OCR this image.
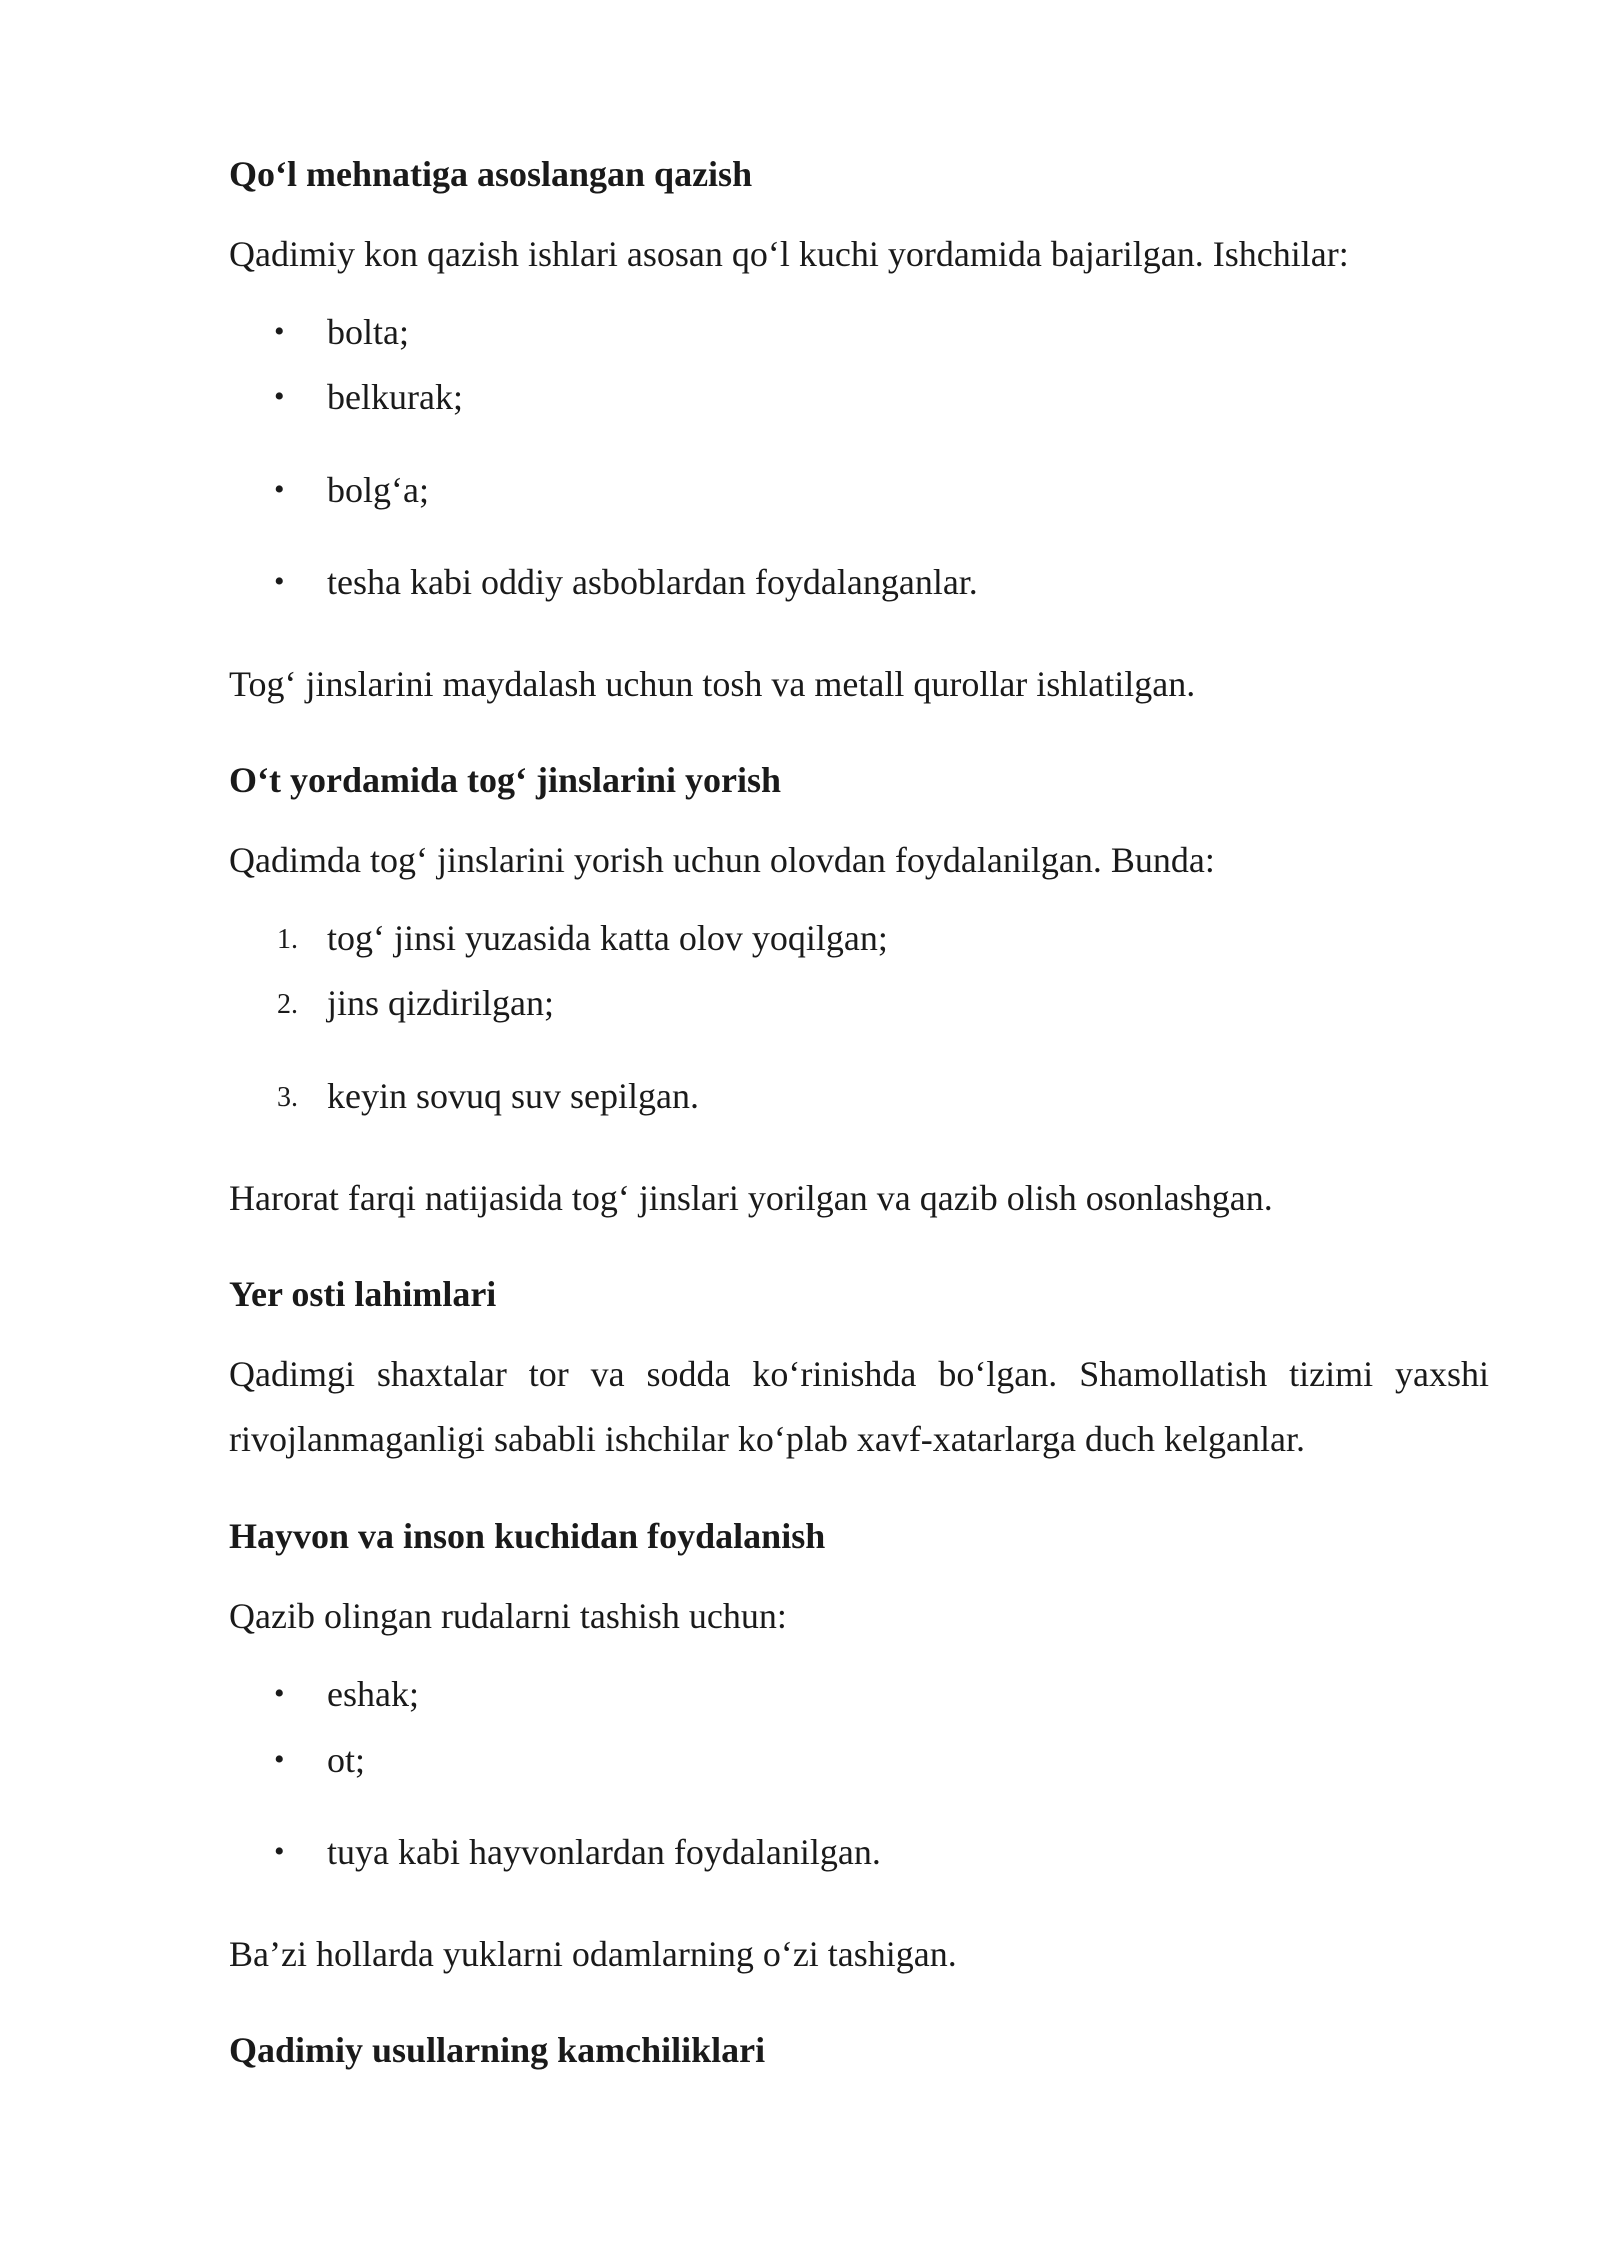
Qo‘l mehnatiga asoslangan qazish

Qadimiy kon qazish ishlari asosan qo‘l kuchi yordamida bajarilgan. Ishchilar:

• bolta;
• belkurak;
• bolg‘a;
• tesha kabi oddiy asboblardan foydalanganlar.

Tog‘ jinslarini maydalash uchun tosh va metall qurollar ishlatilgan.

O‘t yordamida tog‘ jinslarini yorish

Qadimda tog‘ jinslarini yorish uchun olovdan foydalanilgan. Bunda:

1. tog‘ jinsi yuzasida katta olov yoqilgan;
2. jins qizdirilgan;
3. keyin sovuq suv sepilgan.

Harorat farqi natijasida tog‘ jinslari yorilgan va qazib olish osonlashgan.

Yer osti lahimlari

Qadimgi shaxtalar tor va sodda ko‘rinishda bo‘lgan. Shamollatish tizimi yaxshi rivojlanmaganligi sababli ishchilar ko‘plab xavf-xatarlarga duch kelganlar.

Hayvon va inson kuchidan foydalanish

Qazib olingan rudalarni tashish uchun:

• eshak;
• ot;
• tuya kabi hayvonlardan foydalanilgan.

Ba’zi hollarda yuklarni odamlarning o‘zi tashigan.

Qadimiy usullarning kamchiliklari
